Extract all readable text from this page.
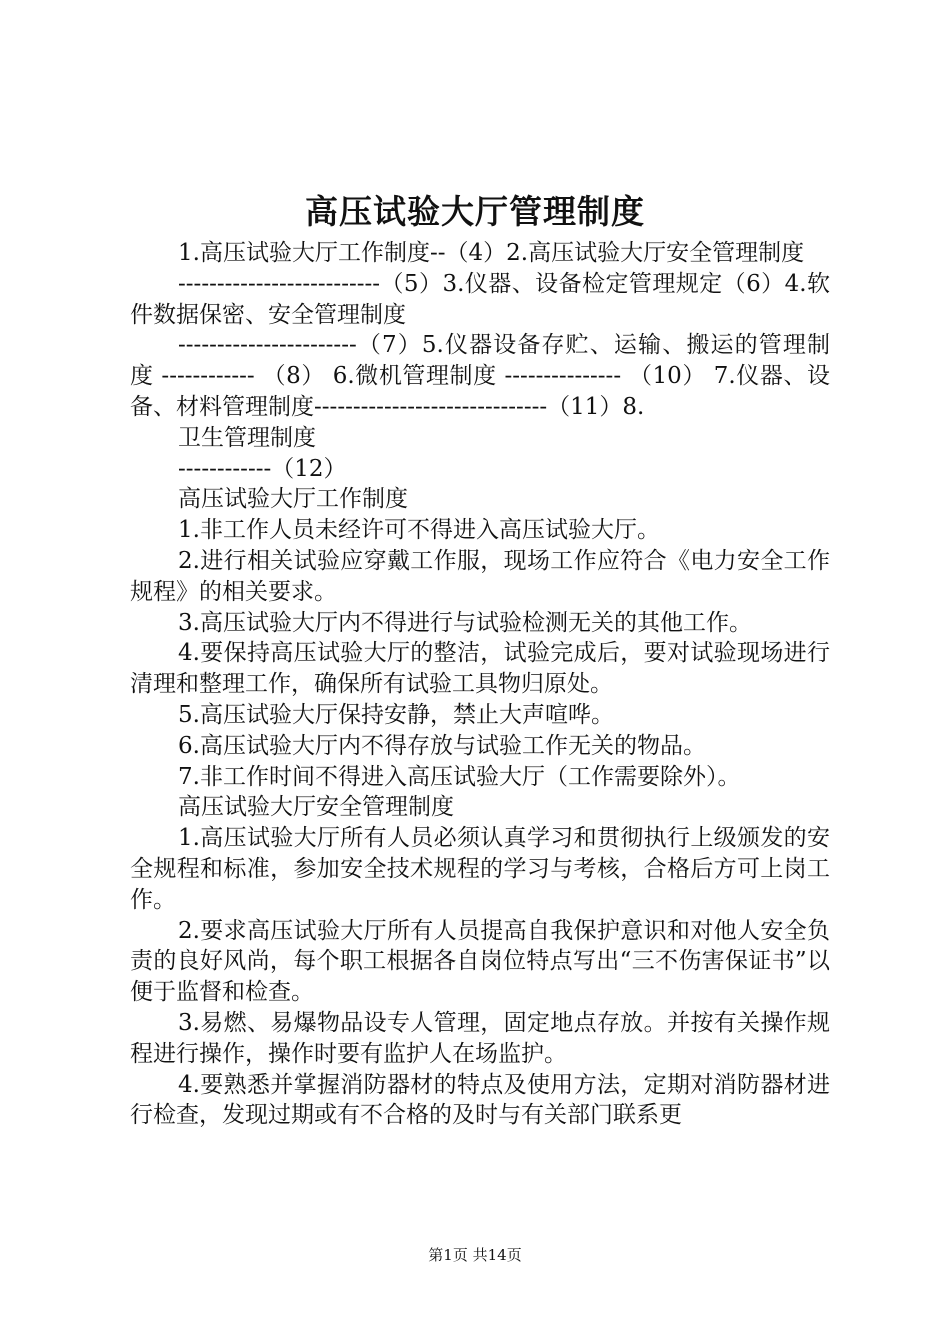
高压试验大厅管理制度

1.高压试验大厅工作制度--（4）2.高压试验大厅安全管理制度

--------------------------（5）3.仪器、设备检定管理规定（6）4.软件数据保密、安全管理制度

-----------------------（7）5.仪器设备存贮、运输、搬运的管理制度 ------------ （8） 6.微机管理制度 --------------- （10） 7.仪器、设备、材料管理制度------------------------------（11）8.

卫生管理制度

------------（12）

高压试验大厅工作制度

1.非工作人员未经许可不得进入高压试验大厅。

2.进行相关试验应穿戴工作服，现场工作应符合《电力安全工作规程》的相关要求。

3.高压试验大厅内不得进行与试验检测无关的其他工作。

4.要保持高压试验大厅的整洁，试验完成后，要对试验现场进行清理和整理工作，确保所有试验工具物归原处。

5.高压试验大厅保持安静，禁止大声喧哗。

6.高压试验大厅内不得存放与试验工作无关的物品。

7.非工作时间不得进入高压试验大厅（工作需要除外）。

高压试验大厅安全管理制度

1.高压试验大厅所有人员必须认真学习和贯彻执行上级颁发的安全规程和标准，参加安全技术规程的学习与考核，合格后方可上岗工作。

2.要求高压试验大厅所有人员提高自我保护意识和对他人安全负责的良好风尚，每个职工根据各自岗位特点写出“三不伤害保证书”以便于监督和检查。

3.易燃、易爆物品设专人管理，固定地点存放。并按有关操作规程进行操作，操作时要有监护人在场监护。

4.要熟悉并掌握消防器材的特点及使用方法，定期对消防器材进行检查，发现过期或有不合格的及时与有关部门联系更

第1页 共14页
